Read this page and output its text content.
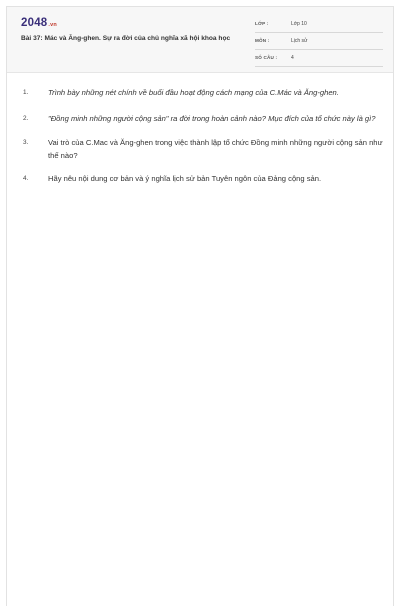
2048.vn
Bài 37: Mác và Ăng-ghen. Sự ra đời của chủ nghĩa xã hội khoa học
LỚP :	Lớp 10
MÔN :	Lịch sử
SỐ CÂU :	4
1.	Trình bày những nét chính về buổi đầu hoạt động cách mạng của C.Mác và Ăng-ghen.
2.	"Đồng minh những người cộng sản" ra đời trong hoàn cảnh nào? Mục đích của tổ chức này là gì?
3.	Vai trò của C.Mac và Ăng-ghen trong việc thành lập tổ chức Đồng minh những người cộng sản như thế nào?
4.	Hãy nêu nội dung cơ bản và ý nghĩa lịch sử bản Tuyên ngôn của Đảng cộng sản.
